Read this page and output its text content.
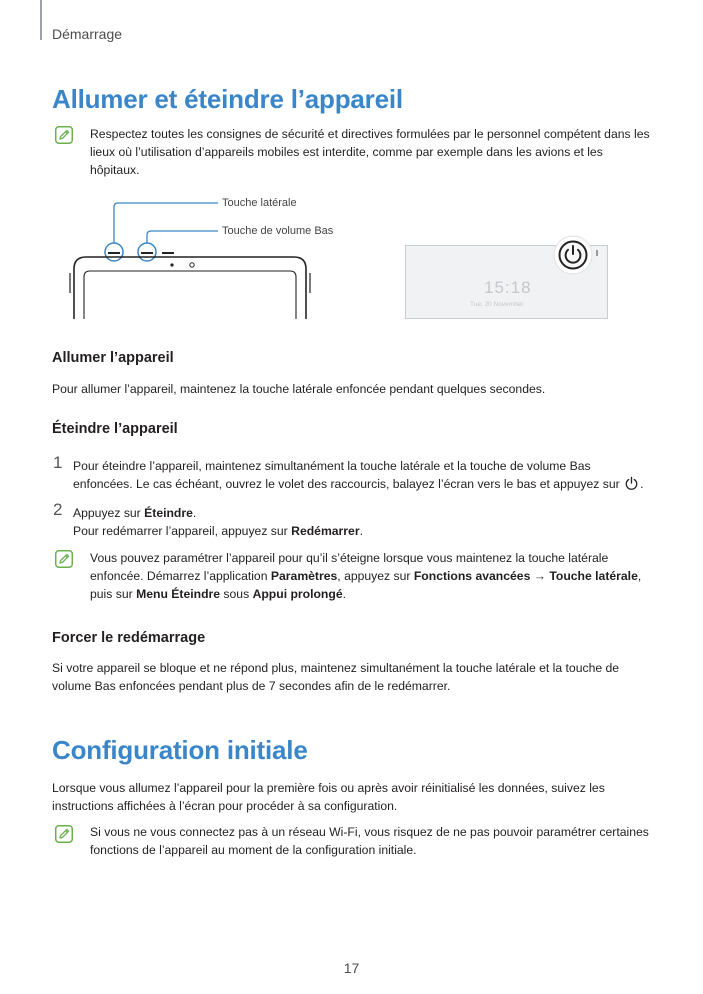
Démarrage
Allumer et éteindre l’appareil
Respectez toutes les consignes de sécurité et directives formulées par le personnel compétent dans les lieux où l’utilisation d’appareils mobiles est interdite, comme par exemple dans les avions et les hôpitaux.
Touche latérale
Touche de volume Bas
15:18
Tue, 20 November
Allumer l’appareil
Pour allumer l’appareil, maintenez la touche latérale enfoncée pendant quelques secondes.
Éteindre l’appareil
1 Pour éteindre l’appareil, maintenez simultanément la touche latérale et la touche de volume Bas enfoncées. Le cas échéant, ouvrez le volet des raccourcis, balayez l’écran vers le bas et appuyez sur .
2 Appuyez sur Éteindre.
Pour redémarrer l’appareil, appuyez sur Redémarrer.
Vous pouvez paramétrer l’appareil pour qu’il s’éteigne lorsque vous maintenez la touche latérale enfoncée. Démarrez l’application Paramètres, appuyez sur Fonctions avancées → Touche latérale, puis sur Menu Éteindre sous Appui prolongé.
Forcer le redémarrage
Si votre appareil se bloque et ne répond plus, maintenez simultanément la touche latérale et la touche de volume Bas enfoncées pendant plus de 7 secondes afin de le redémarrer.
Configuration initiale
Lorsque vous allumez l’appareil pour la première fois ou après avoir réinitialisé les données, suivez les instructions affichées à l’écran pour procéder à sa configuration.
Si vous ne vous connectez pas à un réseau Wi-Fi, vous risquez de ne pas pouvoir paramétrer certaines fonctions de l’appareil au moment de la configuration initiale.
17
